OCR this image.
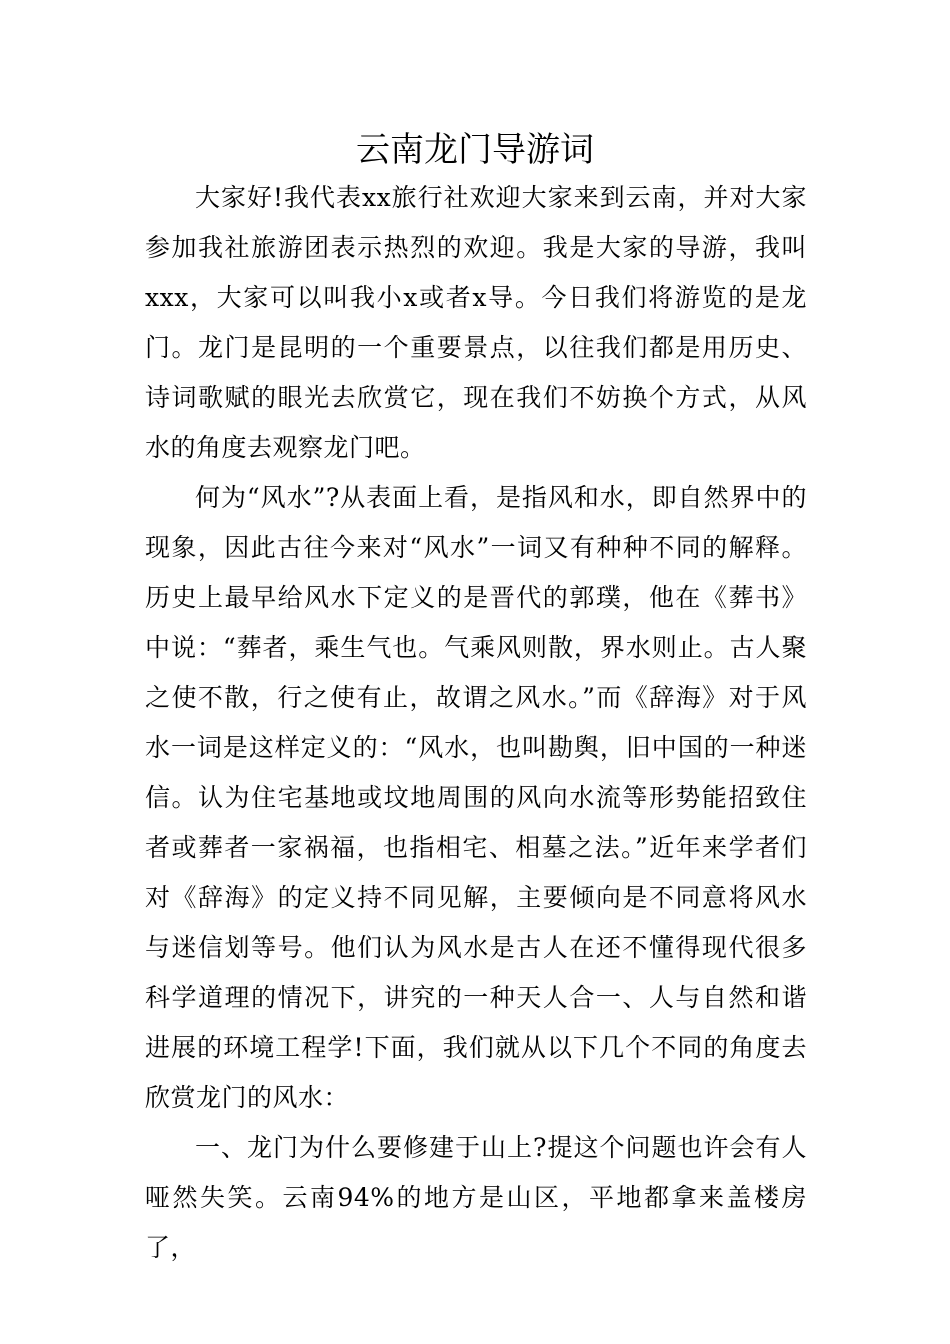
云南龙门导游词

大家好!我代表xx旅行社欢迎大家来到云南，并对大家参加我社旅游团表示热烈的欢迎。我是大家的导游，我叫xxx，大家可以叫我小x或者x导。今日我们将游览的是龙门。龙门是昆明的一个重要景点，以往我们都是用历史、诗词歌赋的眼光去欣赏它，现在我们不妨换个方式，从风水的角度去观察龙门吧。

何为“风水”?从表面上看，是指风和水，即自然界中的现象，因此古往今来对“风水”一词又有种种不同的解释。历史上最早给风水下定义的是晋代的郭璞，他在《葬书》中说：“葬者，乘生气也。气乘风则散，界水则止。古人聚之使不散，行之使有止，故谓之风水。”而《辞海》对于风水一词是这样定义的：“风水，也叫勘舆，旧中国的一种迷信。认为住宅基地或坟地周围的风向水流等形势能招致住者或葬者一家祸福，也指相宅、相墓之法。”近年来学者们对《辞海》的定义持不同见解，主要倾向是不同意将风水与迷信划等号。他们认为风水是古人在还不懂得现代很多科学道理的情况下，讲究的一种天人合一、人与自然和谐进展的环境工程学!下面，我们就从以下几个不同的角度去欣赏龙门的风水：

一、龙门为什么要修建于山上?提这个问题也许会有人哑然失笑。云南94%的地方是山区，平地都拿来盖楼房了，
